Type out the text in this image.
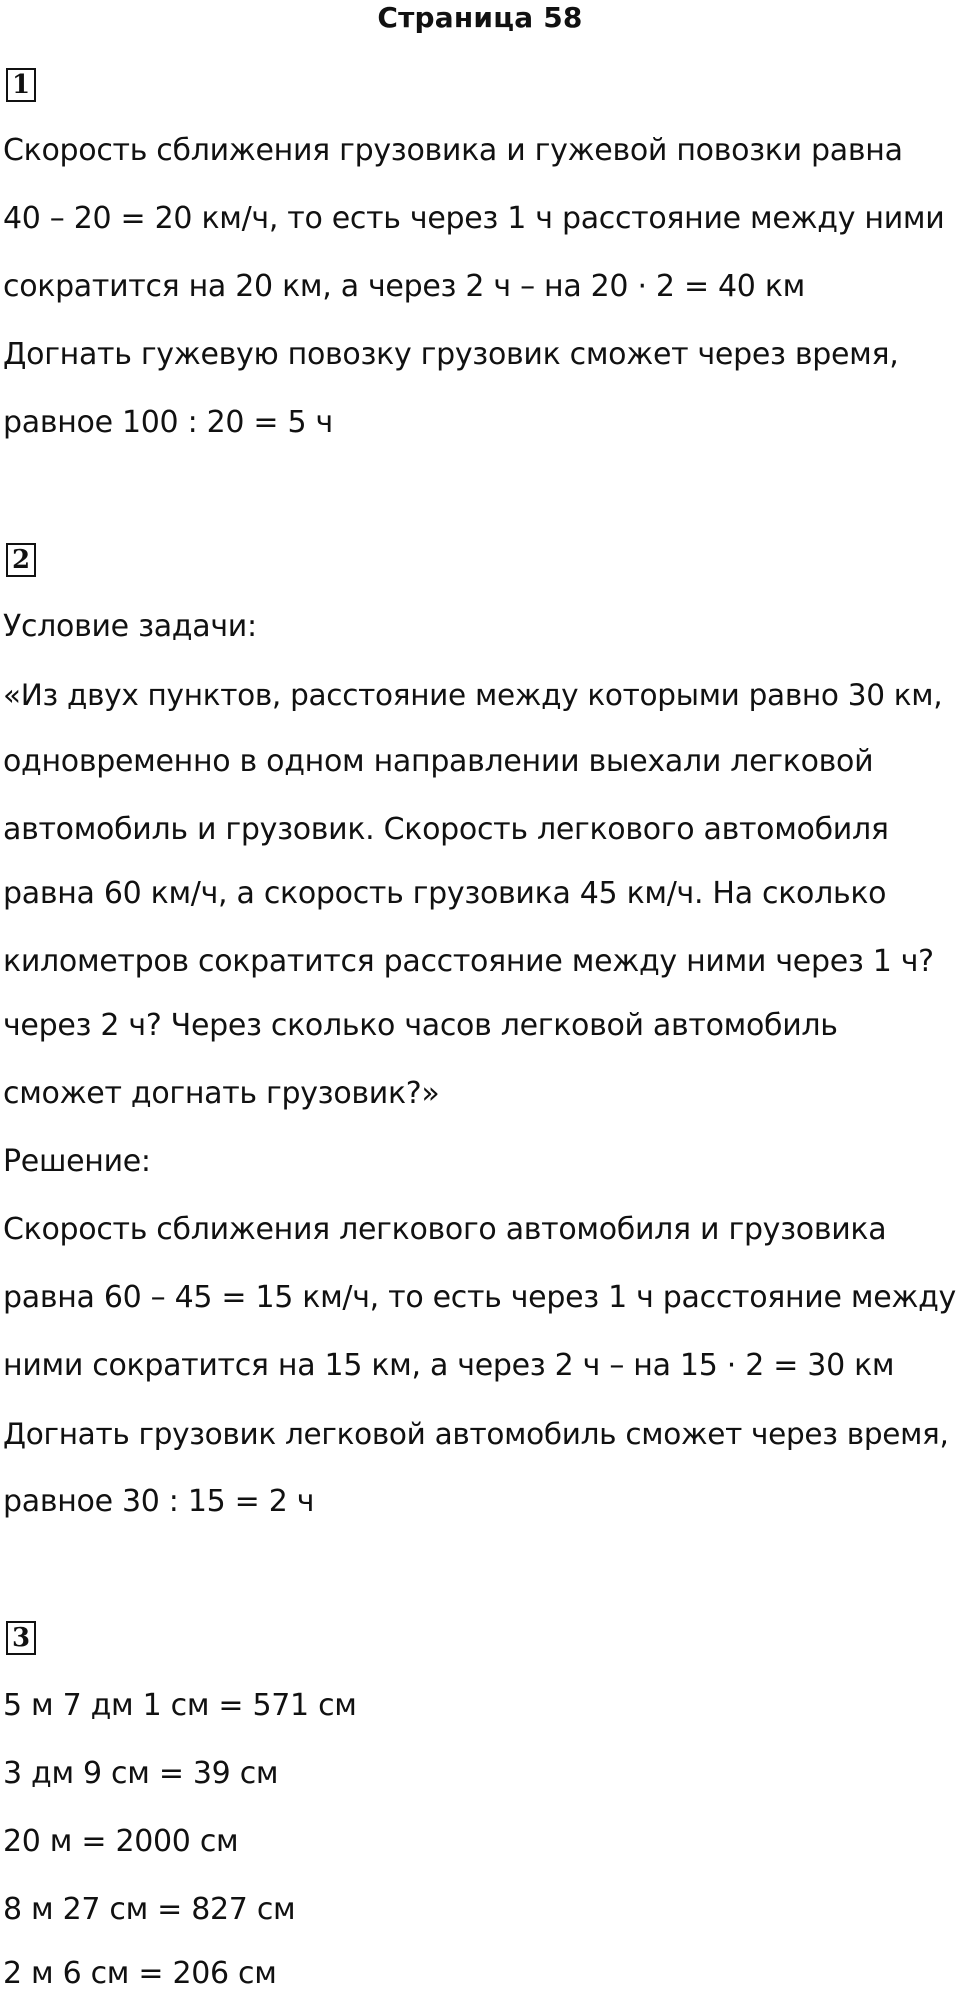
Страница 58
1
Скорость сближения грузовика и гужевой повозки равна
40 – 20 = 20 км/ч, то есть через 1 ч расстояние между ними
сократится на 20 км, а через 2 ч – на 20 · 2 = 40 км
Догнать гужевую повозку грузовик сможет через время,
равное 100 : 20 = 5 ч
2
Условие задачи:
«Из двух пунктов, расстояние между которыми равно 30 км,
одновременно в одном направлении выехали легковой
автомобиль и грузовик. Скорость легкового автомобиля
равна 60 км/ч, а скорость грузовика 45 км/ч. На сколько
километров сократится расстояние между ними через 1 ч?
через 2 ч? Через сколько часов легковой автомобиль
сможет догнать грузовик?»
Решение:
Скорость сближения легкового автомобиля и грузовика
равна 60 – 45 = 15 км/ч, то есть через 1 ч расстояние между
ними сократится на 15 км, а через 2 ч – на 15 · 2 = 30 км
Догнать грузовик легковой автомобиль сможет через время,
равное 30 : 15 = 2 ч
3
5 м 7 дм 1 см = 571 см
3 дм 9 см = 39 см
20 м = 2000 см
8 м 27 см = 827 см
2 м 6 см = 206 см
